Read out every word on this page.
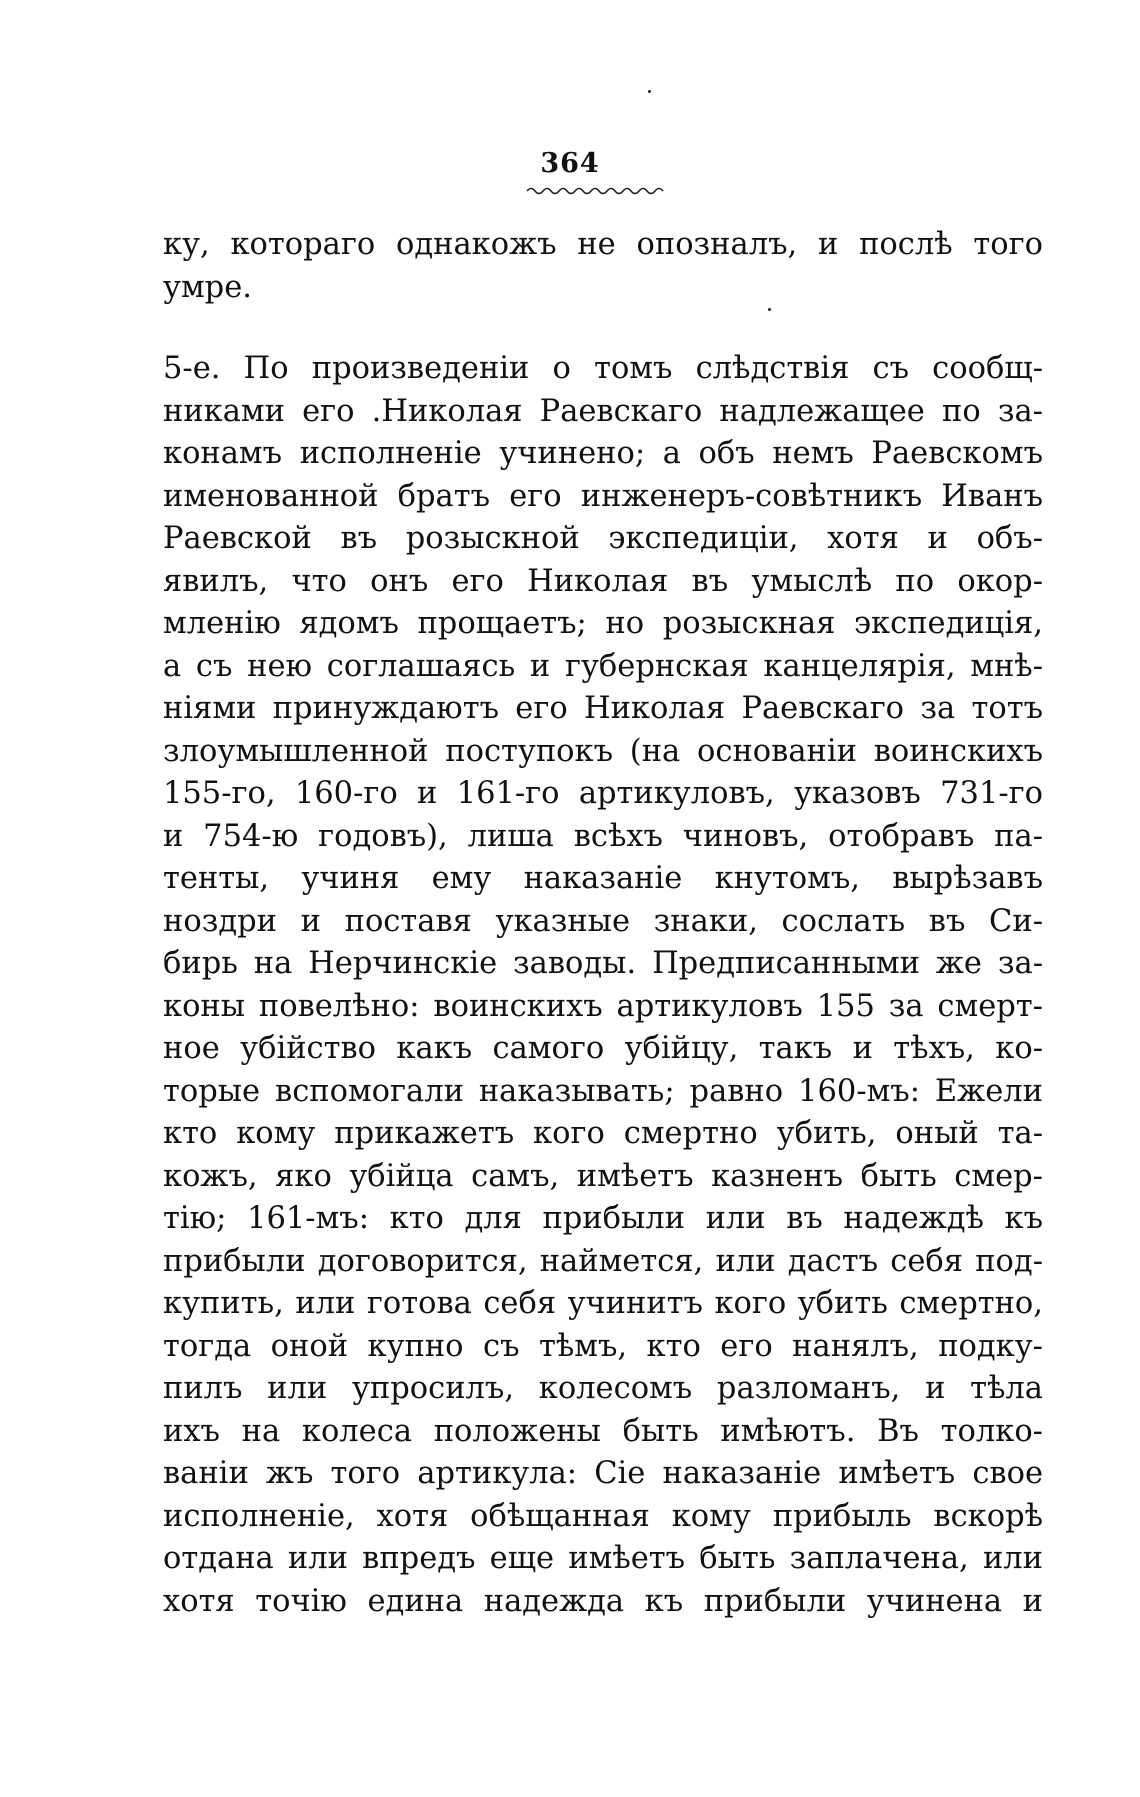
364
ку, котораго однакожъ не опозналъ, и послѣ того
умре.
5-е. По произведеніи о томъ слѣдствія съ сообщ-
никами его .Николая Раевскаго надлежащее по за-
конамъ исполненіе учинено; а объ немъ Раевскомъ
именованной братъ его инженеръ-совѣтникъ Иванъ
Раевской въ розыскной экспедиціи, хотя и объ-
явилъ, что онъ его Николая въ умыслѣ по окор-
мленію ядомъ прощаетъ; но розыскная экспедиція,
а съ нею соглашаясь и губернская канцелярія, мнѣ-
ніями принуждаютъ его Николая Раевскаго за тотъ
злоумышленной поступокъ (на основаніи воинскихъ
155-го, 160-го и 161-го артикуловъ, указовъ 731-го
и 754-ю годовъ), лиша всѣхъ чиновъ, отобравъ па-
тенты, учиня ему наказаніе кнутомъ, вырѣзавъ
ноздри и поставя указные знаки, сослать въ Си-
бирь на Нерчинскіе заводы. Предписанными же за-
коны повелѣно: воинскихъ артикуловъ 155 за смерт-
ное убійство какъ самого убійцу, такъ и тѣхъ, ко-
торые вспомогали наказывать; равно 160-мъ: Ежели
кто кому прикажетъ кого смертно убить, оный та-
кожъ, яко убійца самъ, имѣетъ казненъ быть смер-
тію; 161-мъ: кто для прибыли или въ надеждѣ къ
прибыли договорится, наймется, или дастъ себя под-
купить, или готова себя учинитъ кого убить смертно,
тогда оной купно съ тѣмъ, кто его нанялъ, подку-
пилъ или упросилъ, колесомъ разломанъ, и тѣла
ихъ на колеса положены быть имѣютъ. Въ толко-
ваніи жъ того артикула: Сіе наказаніе имѣетъ свое
исполненіе, хотя обѣщанная кому прибыль вскорѣ
отдана или впредъ еще имѣетъ быть заплачена, или
хотя точію едина надежда къ прибыли учинена и
